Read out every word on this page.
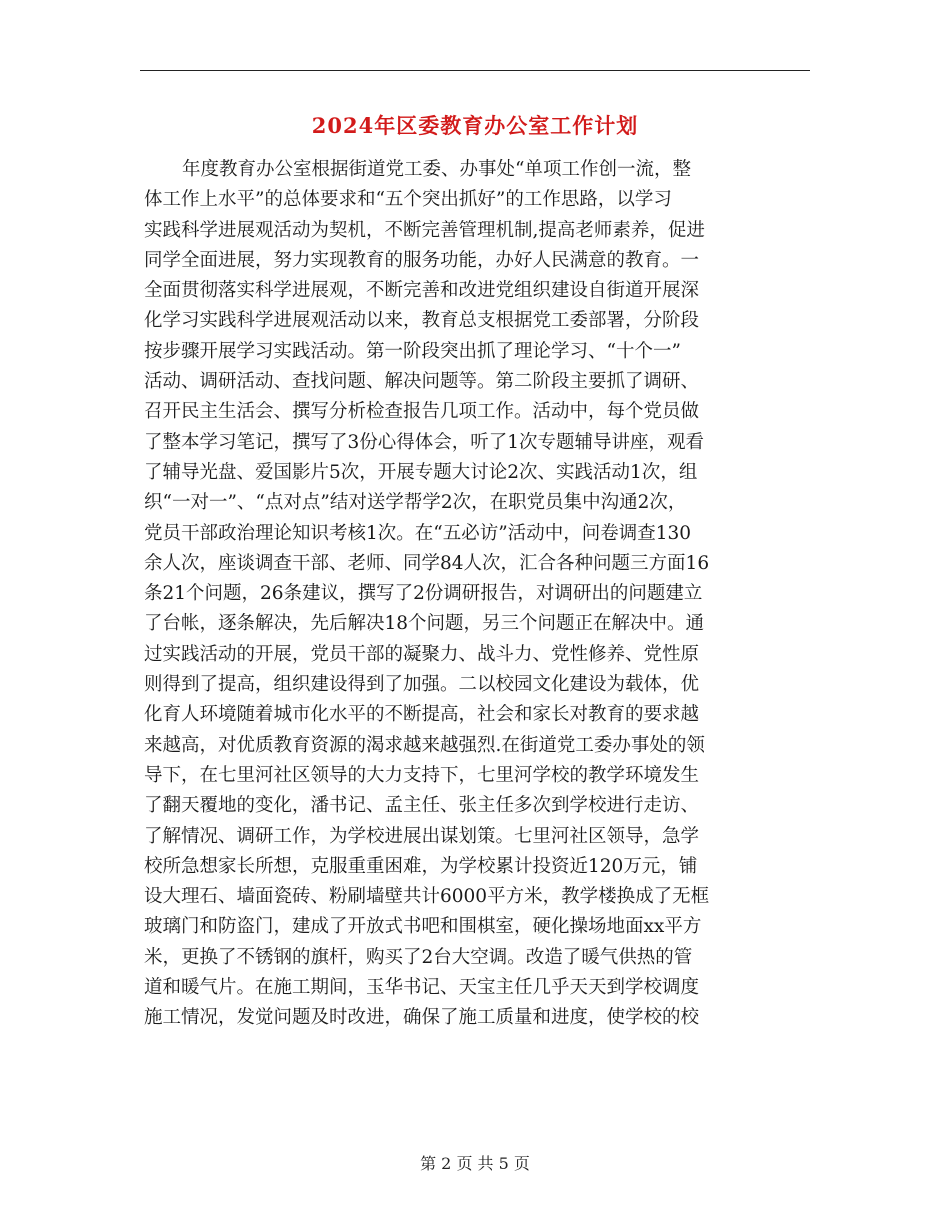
2024年区委教育办公室工作计划
年度教育办公室根据街道党工委、办事处“单项工作创一流，整
体工作上水平”的总体要求和“五个突出抓好”的工作思路，以学习
实践科学进展观活动为契机，不断完善管理机制,提高老师素养，促进
同学全面进展，努力实现教育的服务功能，办好人民满意的教育。一
全面贯彻落实科学进展观，不断完善和改进党组织建设自街道开展深
化学习实践科学进展观活动以来，教育总支根据党工委部署，分阶段
按步骤开展学习实践活动。第一阶段突出抓了理论学习、“十个一”
活动、调研活动、查找问题、解决问题等。第二阶段主要抓了调研、
召开民主生活会、撰写分析检查报告几项工作。活动中，每个党员做
了整本学习笔记，撰写了3份心得体会，听了1次专题辅导讲座，观看
了辅导光盘、爱国影片5次，开展专题大讨论2次、实践活动1次，组
织“一对一”、“点对点”结对送学帮学2次，在职党员集中沟通2次，
党员干部政治理论知识考核1次。在“五必访”活动中，问卷调查130
余人次，座谈调查干部、老师、同学84人次，汇合各种问题三方面16
条21个问题，26条建议，撰写了2份调研报告，对调研出的问题建立
了台帐，逐条解决，先后解决18个问题，另三个问题正在解决中。通
过实践活动的开展，党员干部的凝聚力、战斗力、党性修养、党性原
则得到了提高，组织建设得到了加强。二以校园文化建设为载体，优
化育人环境随着城市化水平的不断提高，社会和家长对教育的要求越
来越高，对优质教育资源的渴求越来越强烈.在街道党工委办事处的领
导下，在七里河社区领导的大力支持下，七里河学校的教学环境发生
了翻天覆地的变化，潘书记、孟主任、张主任多次到学校进行走访、
了解情况、调研工作，为学校进展出谋划策。七里河社区领导，急学
校所急想家长所想，克服重重困难，为学校累计投资近120万元，铺
设大理石、墙面瓷砖、粉刷墙壁共计6000平方米，教学楼换成了无框
玻璃门和防盗门，建成了开放式书吧和围棋室，硬化操场地面xx平方
米，更换了不锈钢的旗杆，购买了2台大空调。改造了暖气供热的管
道和暖气片。在施工期间，玉华书记、天宝主任几乎天天到学校调度
施工情况，发觉问题及时改进，确保了施工质量和进度，使学校的校
第 2 页 共 5 页
